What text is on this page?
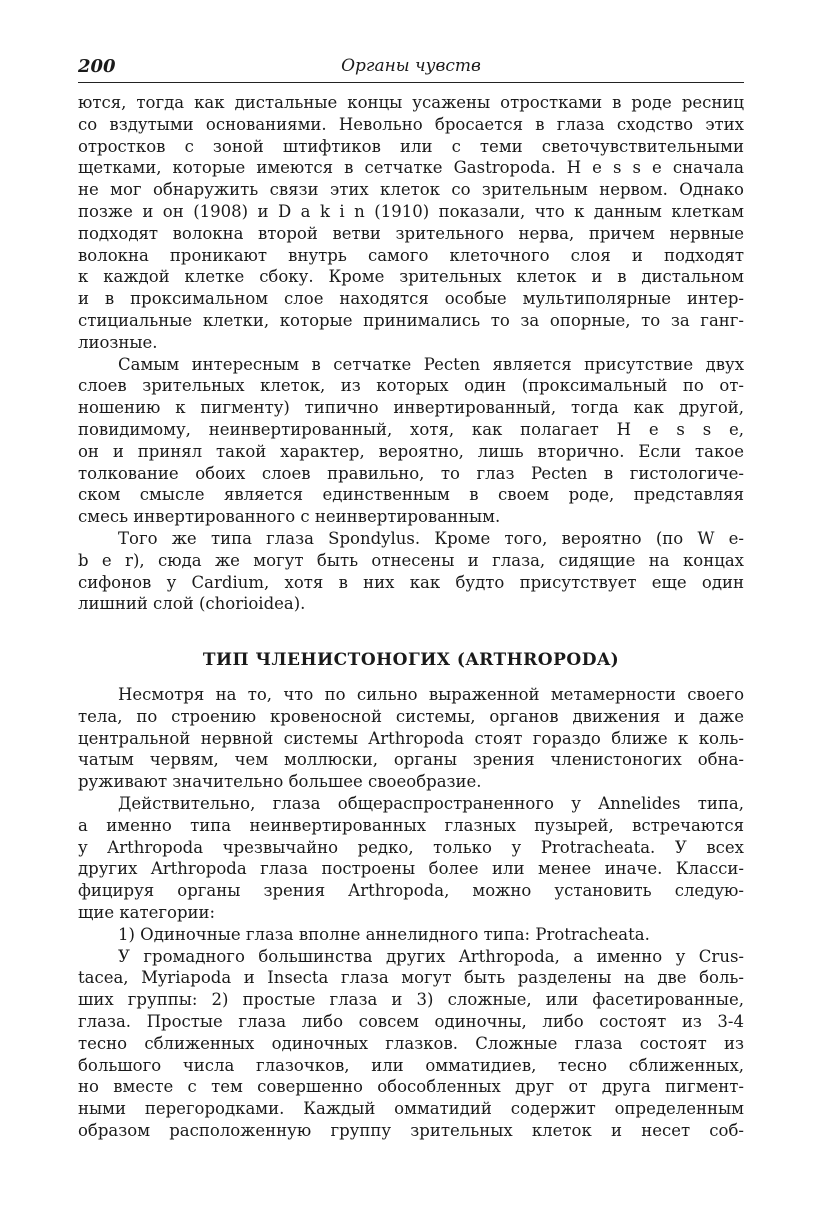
200	Органы чувств
ются, тогда как дистальные концы усажены отростками в роде ресниц
со вздутыми основаниями. Невольно бросается в глаза сходство этих
отростков с зоной штифтиков или с теми светочувствительными
щетками, которые имеются в сетчатке Gastropoda. H e s s e сначала
не мог обнаружить связи этих клеток со зрительным нервом. Однако
позже и он (1908) и D a k i n (1910) показали, что к данным клеткам
подходят волокна второй ветви зрительного нерва, причем нервные
волокна проникают внутрь самого клеточного слоя и подходят
к каждой клетке сбоку. Кроме зрительных клеток и в дистальном
и в проксимальном слое находятся особые мультиполярные интер-
стициальные клетки, которые принимались то за опорные, то за ганг-
лиозные.
Самым интересным в сетчатке Pecten является присутствие двух
слоев зрительных клеток, из которых один (проксимальный по от-
ношению к пигменту) типично инвертированный, тогда как другой,
повидимому, неинвертированный, хотя, как полагает H e s s e,
он и принял такой характер, вероятно, лишь вторично. Если такое
толкование обоих слоев правильно, то глаз Pecten в гистологиче-
ском смысле является единственным в своем роде, представляя
смесь инвертированного с неинвертированным.
Того же типа глаза Spondylus. Кроме того, вероятно (по W e-
b e r), сюда же могут быть отнесены и глаза, сидящие на концах
сифонов у Cardium, хотя в них как будто присутствует еще один
лишний слой (chorioidea).
ТИП ЧЛЕНИСТОНОГИХ (ARTHROPODA)
Несмотря на то, что по сильно выраженной метамерности своего
тела, по строению кровеносной системы, органов движения и даже
центральной нервной системы Arthropoda стоят гораздо ближе к коль-
чатым червям, чем моллюски, органы зрения членистоногих обна-
руживают значительно большее своеобразие.
Действительно, глаза общераспространенного у Annelides типа,
а именно типа неинвертированных глазных пузырей, встречаются
у Arthropoda чрезвычайно редко, только у Protracheata. У всех
других Arthropoda глаза построены более или менее иначе. Класси-
фицируя органы зрения Arthropoda, можно установить следую-
щие категории:
1) Одиночные глаза вполне аннелидного типа: Protracheata.
У громадного большинства других Arthropoda, а именно у Crus-
tacea, Myriapoda и Insecta глаза могут быть разделены на две боль-
ших группы: 2) простые глаза и 3) сложные, или фасетированные,
глаза. Простые глаза либо совсем одиночны, либо состоят из 3-4
тесно сближенных одиночных глазков. Сложные глаза состоят из
большого числа глазочков, или омматидиев, тесно сближенных,
но вместе с тем совершенно обособленных друг от друга пигмент-
ными перегородками. Каждый омматидий содержит определенным
образом расположенную группу зрительных клеток и несет соб-
